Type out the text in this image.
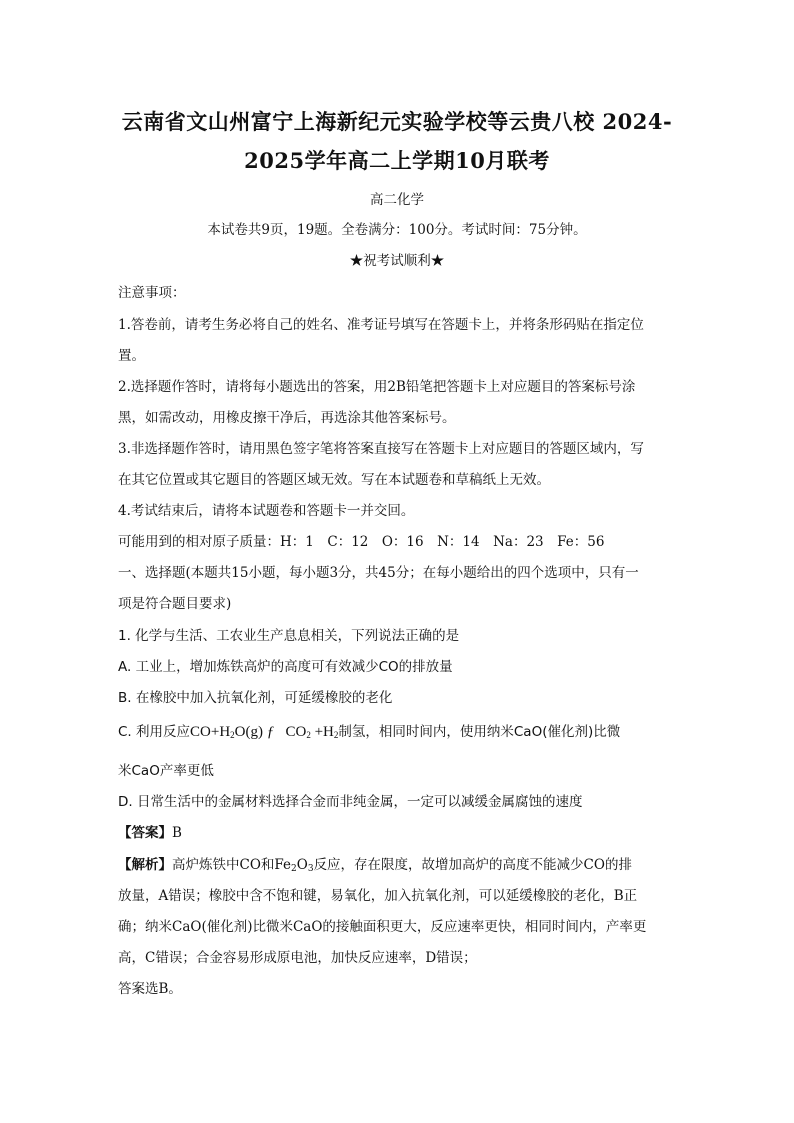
云南省文山州富宁上海新纪元实验学校等云贵八校 2024-
2025学年高二上学期10月联考
高二化学
本试卷共9页，19题。全卷满分：100分。考试时间：75分钟。
★祝考试顺利★
注意事项：
1.答卷前，请考生务必将自己的姓名、准考证号填写在答题卡上，并将条形码贴在指定位
置。
2.选择题作答时，请将每小题选出的答案，用2B铅笔把答题卡上对应题目的答案标号涂
黑，如需改动，用橡皮擦干净后，再选涂其他答案标号。
3.非选择题作答时，请用黑色签字笔将答案直接写在答题卡上对应题目的答题区域内，写
在其它位置或其它题目的答题区域无效。写在本试题卷和草稿纸上无效。
4.考试结束后，请将本试题卷和答题卡一并交回。
可能用到的相对原子质量：H：1　C：12　O：16　N：14　Na：23　Fe：56
一、选择题(本题共15小题，每小题3分，共45分；在每小题给出的四个选项中，只有一
项是符合题目要求)
1. 化学与生活、工农业生产息息相关，下列说法正确的是
A. 工业上，增加炼铁高炉的高度可有效减少CO的排放量
B. 在橡胶中加入抗氧化剂，可延缓橡胶的老化
C. 利用反应$CO+H_2O(g)$ ƒ $CO_2 +H_2$制氢，相同时间内，使用纳米CaO(催化剂)比微
米CaO产率更低
D. 日常生活中的金属材料选择合金而非纯金属，一定可以减缓金属腐蚀的速度
【答案】B
【解析】高炉炼铁中CO和$Fe_2O_3$反应，存在限度，故增加高炉的高度不能减少CO的排
放量，A错误；橡胶中含不饱和键，易氧化，加入抗氧化剂，可以延缓橡胶的老化，B正
确；纳米CaO(催化剂)比微米CaO的接触面积更大，反应速率更快，相同时间内，产率更
高，C错误；合金容易形成原电池，加快反应速率，D错误；
答案选B。
